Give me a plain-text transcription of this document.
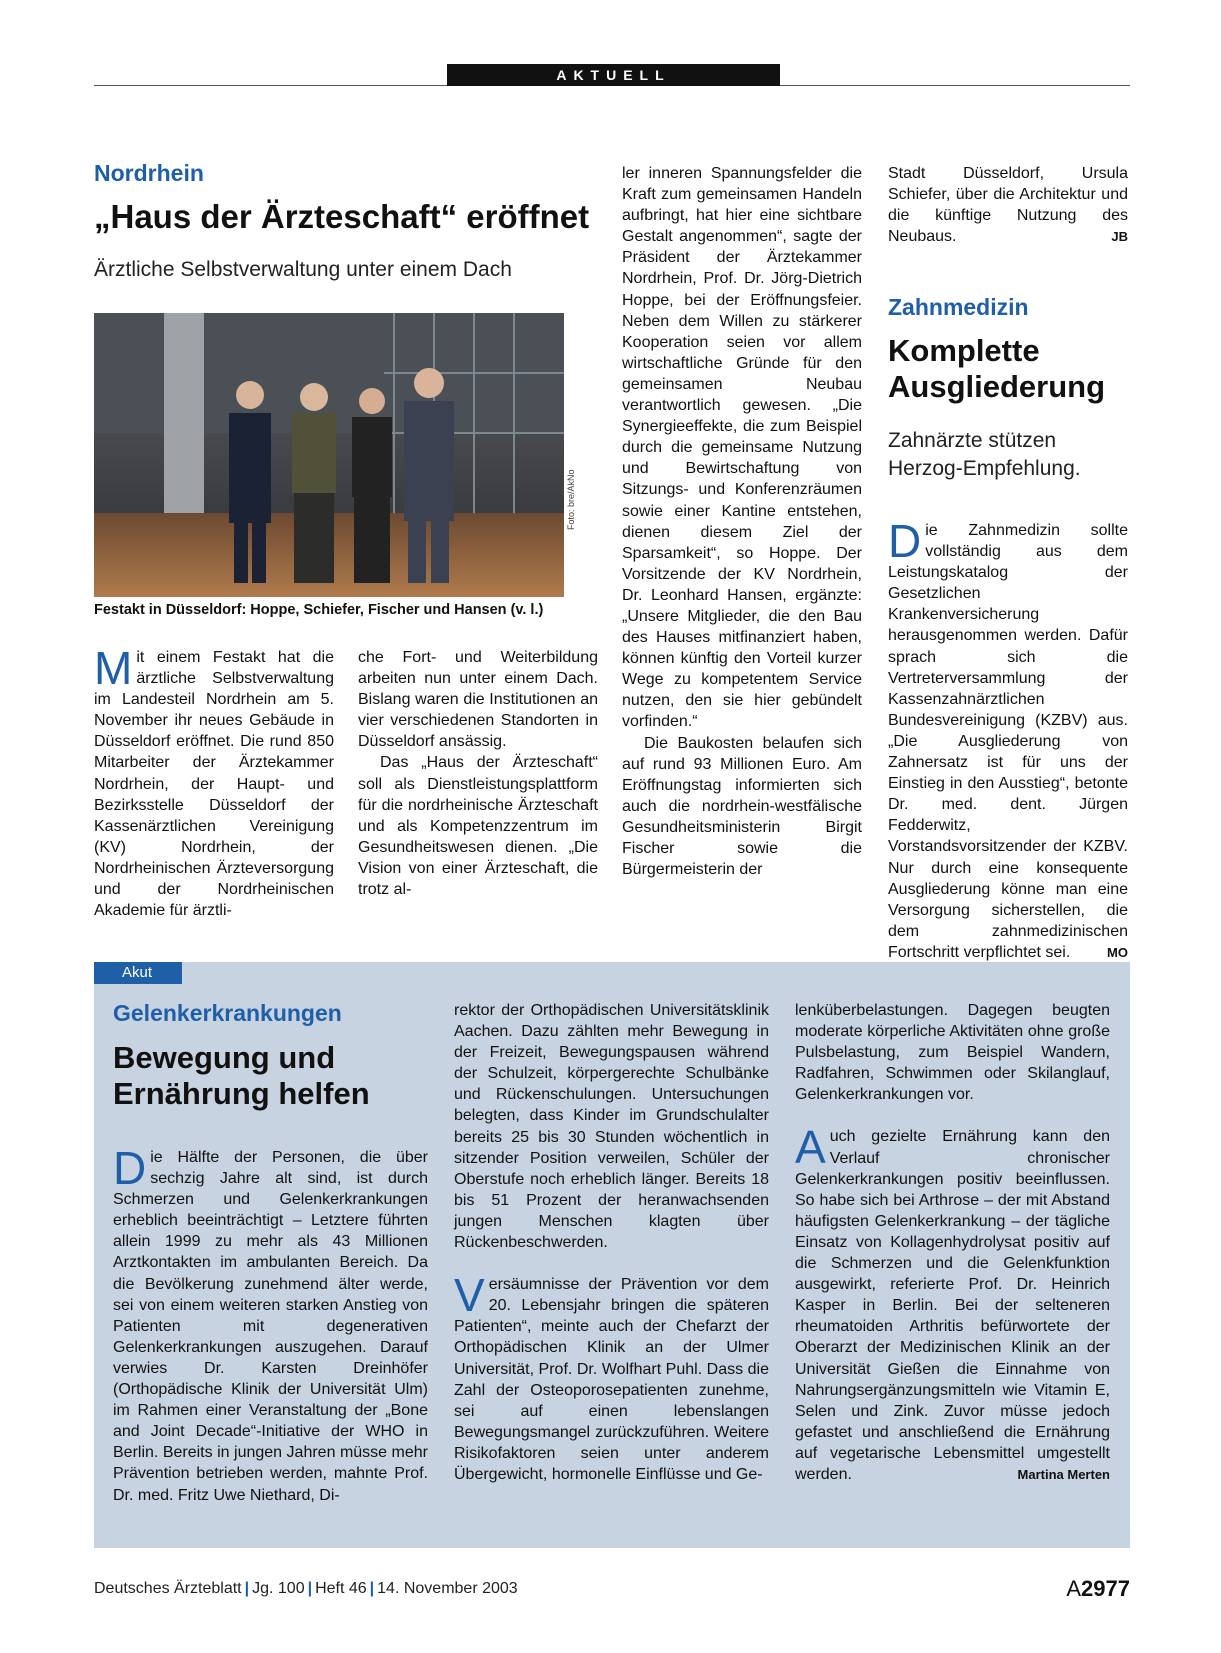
AKTUELL
Nordrhein
„Haus der Ärzteschaft“ eröffnet
Ärztliche Selbstverwaltung unter einem Dach
Foto: bre/AkNo
Festakt in Düsseldorf: Hoppe, Schiefer, Fischer und Hansen (v. l.)

Mit einem Festakt hat die ärztliche Selbstverwaltung im Landesteil Nordrhein am 5. November ihr neues Gebäude in Düsseldorf eröffnet. Die rund 850 Mitarbeiter der Ärztekammer Nordrhein, der Haupt- und Bezirksstelle Düsseldorf der Kassenärztlichen Vereinigung (KV) Nordrhein, der Nordrheinischen Ärzteversorgung und der Nordrheinischen Akademie für ärztli-

che Fort- und Weiterbildung arbeiten nun unter einem Dach. Bislang waren die Institutionen an vier verschiedenen Standorten in Düsseldorf ansässig.

Das „Haus der Ärzteschaft“ soll als Dienstleistungsplattform für die nordrheinische Ärzteschaft und als Kompetenzzentrum im Gesundheitswesen dienen. „Die Vision von einer Ärzteschaft, die trotz al-

ler inneren Spannungsfelder die Kraft zum gemeinsamen Handeln aufbringt, hat hier eine sichtbare Gestalt angenommen“, sagte der Präsident der Ärztekammer Nordrhein, Prof. Dr. Jörg-Dietrich Hoppe, bei der Eröffnungsfeier. Neben dem Willen zu stärkerer Kooperation seien vor allem wirtschaftliche Gründe für den gemeinsamen Neubau verantwortlich gewesen. „Die Synergieeffekte, die zum Beispiel durch die gemeinsame Nutzung und Bewirtschaftung von Sitzungs- und Konferenzräumen sowie einer Kantine entstehen, dienen diesem Ziel der Sparsamkeit“, so Hoppe. Der Vorsitzende der KV Nordrhein, Dr. Leonhard Hansen, ergänzte: „Unsere Mitglieder, die den Bau des Hauses mitfinanziert haben, können künftig den Vorteil kurzer Wege zu kompetentem Service nutzen, den sie hier gebündelt vorfinden.“

Die Baukosten belaufen sich auf rund 93 Millionen Euro. Am Eröffnungstag informierten sich auch die nordrhein-westfälische Gesundheitsministerin Birgit Fischer sowie die Bürgermeisterin der

Stadt Düsseldorf, Ursula Schiefer, über die Architektur und die künftige Nutzung des Neubaus.	JB

Zahnmedizin
Komplette
Ausgliederung
Zahnärzte stützen
Herzog-Empfehlung.

Die Zahnmedizin sollte vollständig aus dem Leistungskatalog der Gesetzlichen Krankenversicherung herausgenommen werden. Dafür sprach sich die Vertreterversammlung der Kassenzahnärztlichen Bundesvereinigung (KZBV) aus. „Die Ausgliederung von Zahnersatz ist für uns der Einstieg in den Ausstieg“, betonte Dr. med. dent. Jürgen Fedderwitz, Vorstandsvorsitzender der KZBV. Nur durch eine konsequente Ausgliederung könne man eine Versorgung sicherstellen, die dem zahnmedizinischen Fortschritt verpflichtet sei.	MO

Akut
Gelenkerkrankungen
Bewegung und
Ernährung helfen

Die Hälfte der Personen, die über sechzig Jahre alt sind, ist durch Schmerzen und Gelenkerkrankungen erheblich beeinträchtigt – Letztere führten allein 1999 zu mehr als 43 Millionen Arztkontakten im ambulanten Bereich. Da die Bevölkerung zunehmend älter werde, sei von einem weiteren starken Anstieg von Patienten mit degenerativen Gelenkerkrankungen auszugehen. Darauf verwies Dr. Karsten Dreinhöfer (Orthopädische Klinik der Universität Ulm) im Rahmen einer Veranstaltung der „Bone and Joint Decade“-Initiative der WHO in Berlin. Bereits in jungen Jahren müsse mehr Prävention betrieben werden, mahnte Prof. Dr. med. Fritz Uwe Niethard, Di-

rektor der Orthopädischen Universitätsklinik Aachen. Dazu zählten mehr Bewegung in der Freizeit, Bewegungspausen während der Schulzeit, körpergerechte Schulbänke und Rückenschulungen. Untersuchungen belegten, dass Kinder im Grundschulalter bereits 25 bis 30 Stunden wöchentlich in sitzender Position verweilen, Schüler der Oberstufe noch erheblich länger. Bereits 18 bis 51 Prozent der heranwachsenden jungen Menschen klagten über Rückenbeschwerden.

Versäumnisse der Prävention vor dem 20. Lebensjahr bringen die späteren Patienten“, meinte auch der Chefarzt der Orthopädischen Klinik an der Ulmer Universität, Prof. Dr. Wolfhart Puhl. Dass die Zahl der Osteoporosepatienten zunehme, sei auf einen lebenslangen Bewegungsmangel zurückzuführen. Weitere Risikofaktoren seien unter anderem Übergewicht, hormonelle Einflüsse und Ge-

lenküberbelastungen. Dagegen beugten moderate körperliche Aktivitäten ohne große Pulsbelastung, zum Beispiel Wandern, Radfahren, Schwimmen oder Skilanglauf, Gelenkerkrankungen vor.

Auch gezielte Ernährung kann den Verlauf chronischer Gelenkerkrankungen positiv beeinflussen. So habe sich bei Arthrose – der mit Abstand häufigsten Gelenkerkrankung – der tägliche Einsatz von Kollagenhydrolysat positiv auf die Schmerzen und die Gelenkfunktion ausgewirkt, referierte Prof. Dr. Heinrich Kasper in Berlin. Bei der selteneren rheumatoiden Arthritis befürwortete der Oberarzt der Medizinischen Klinik an der Universität Gießen die Einnahme von Nahrungsergänzungsmitteln wie Vitamin E, Selen und Zink. Zuvor müsse jedoch gefastet und anschließend die Ernährung auf vegetarische Lebensmittel umgestellt werden.	Martina Merten

Deutsches Ärzteblatt | Jg. 100 | Heft 46 | 14. November 2003	A2977
